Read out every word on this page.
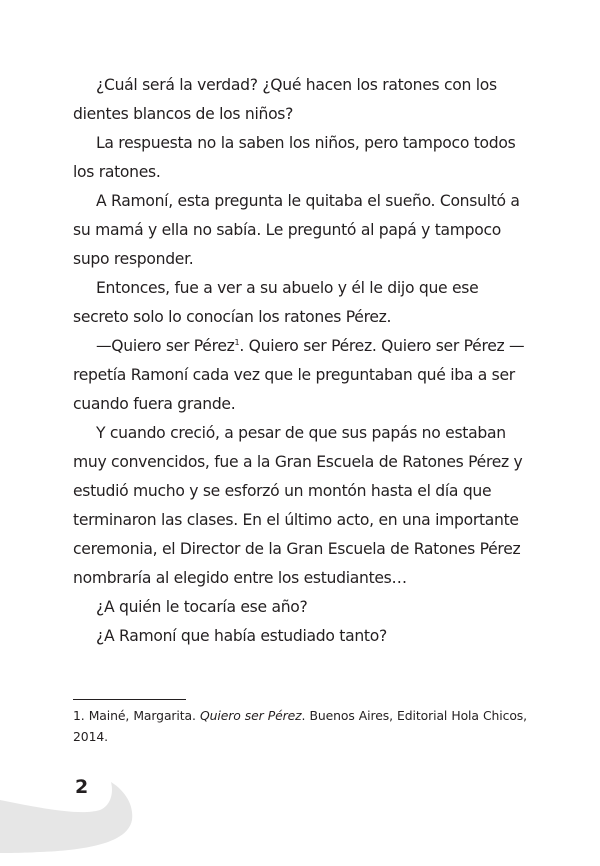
¿Cuál será la verdad? ¿Qué hacen los ratones con los dientes blancos de los niños?

La respuesta no la saben los niños, pero tampoco todos los ratones.

A Ramoní, esta pregunta le quitaba el sueño. Consultó a su mamá y ella no sabía. Le preguntó al papá y tampoco supo responder.

Entonces, fue a ver a su abuelo y él le dijo que ese secreto solo lo conocían los ratones Pérez.

—Quiero ser Pérez$^1$. Quiero ser Pérez. Quiero ser Pérez —repetía Ramoní cada vez que le preguntaban qué iba a ser cuando fuera grande.

Y cuando creció, a pesar de que sus papás no estaban muy convencidos, fue a la Gran Escuela de Ratones Pérez y estudió mucho y se esforzó un montón hasta el día que terminaron las clases. En el último acto, en una importante ceremonia, el Director de la Gran Escuela de Ratones Pérez nombraría al elegido entre los estudiantes…

¿A quién le tocaría ese año?

¿A Ramoní que había estudiado tanto?

1. Mainé, Margarita. Quiero ser Pérez. Buenos Aires, Editorial Hola Chicos, 2014.
2
